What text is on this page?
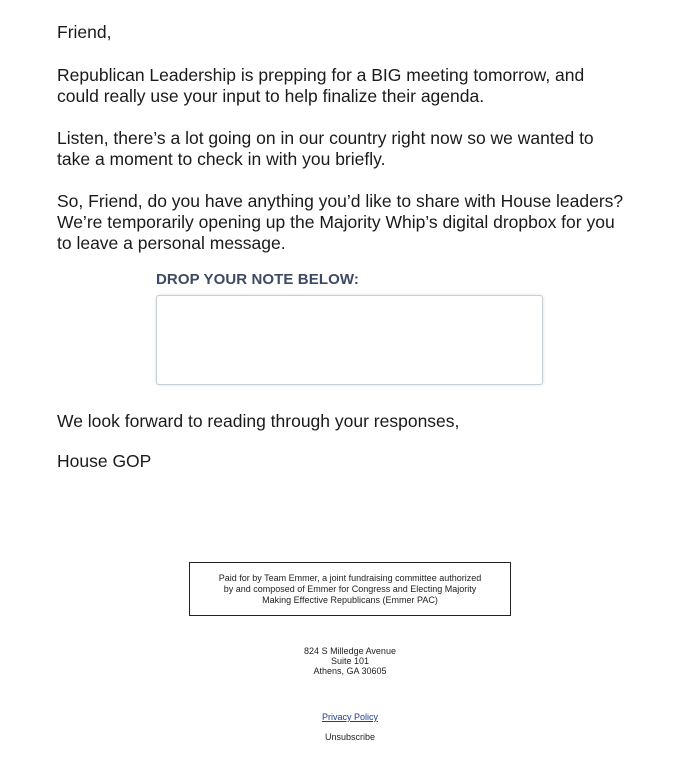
Friend,

Republican Leadership is prepping for a BIG meeting tomorrow, and
could really use your input to help finalize their agenda.

Listen, there’s a lot going on in our country right now so we wanted to
take a moment to check in with you briefly.

So, Friend, do you have anything you’d like to share with House leaders?
We’re temporarily opening up the Majority Whip’s digital dropbox for you
to leave a personal message.

DROP YOUR NOTE BELOW:

We look forward to reading through your responses,

House GOP

Paid for by Team Emmer, a joint fundraising committee authorized
by and composed of Emmer for Congress and Electing Majority
Making Effective Republicans (Emmer PAC)
824 S Milledge Avenue
Suite 101
Athens, GA 30605
Privacy Policy
Unsubscribe
